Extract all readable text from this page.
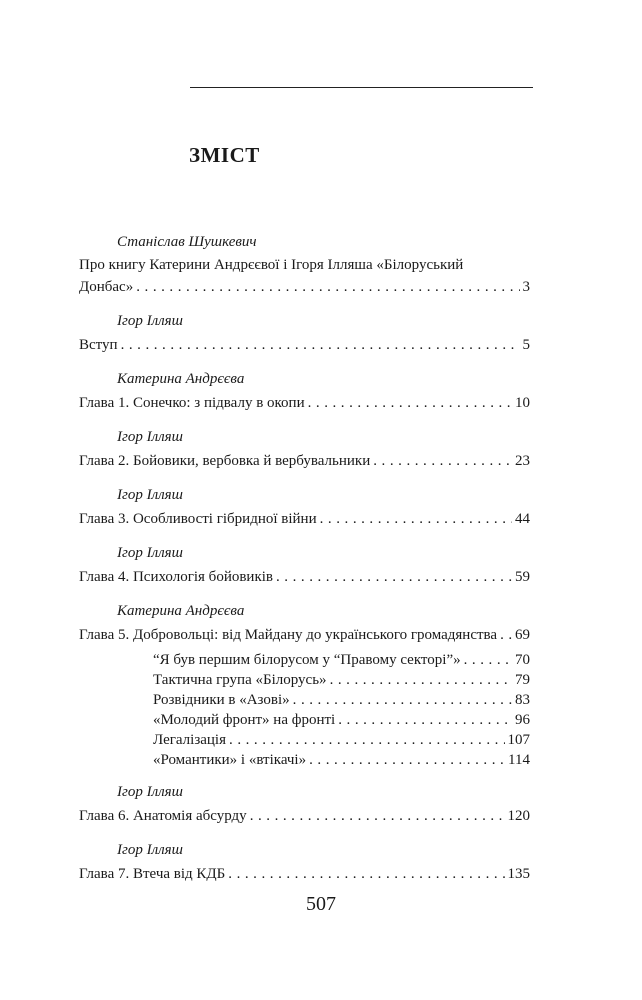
ЗМІСТ
Станіслав Шушкевич
Про книгу Катерини Андрєєвої і Ігоря Ілляша «Білоруський
Донбас» . . .	3
Ігор Ілляш
Вступ . . .	5
Катерина Андрєєва
Глава 1. Сонечко: з підвалу в окопи . . .	10
Ігор Ілляш
Глава 2. Бойовики, вербовка й вербувальники . . .	23
Ігор Ілляш
Глава 3. Особливості гібридної війни . . .	44
Ігор Ілляш
Глава 4. Психологія бойовиків . . .	59
Катерина Андрєєва
Глава 5. Добровольці: від Майдану до українського громадянства . . . 69
“Я був першим білорусом у “Правому секторі”» . . .	70
Тактична група «Білорусь» . . .	79
Розвідники в «Азові» . . .	83
«Молодий фронт» на фронті . . .	96
Легалізація . . .	107
«Романтики» і «втікачі» . . .	114
Ігор Ілляш
Глава 6. Анатомія абсурду . . .	120
Ігор Ілляш
Глава 7. Втеча від КДБ . . .	135
507
